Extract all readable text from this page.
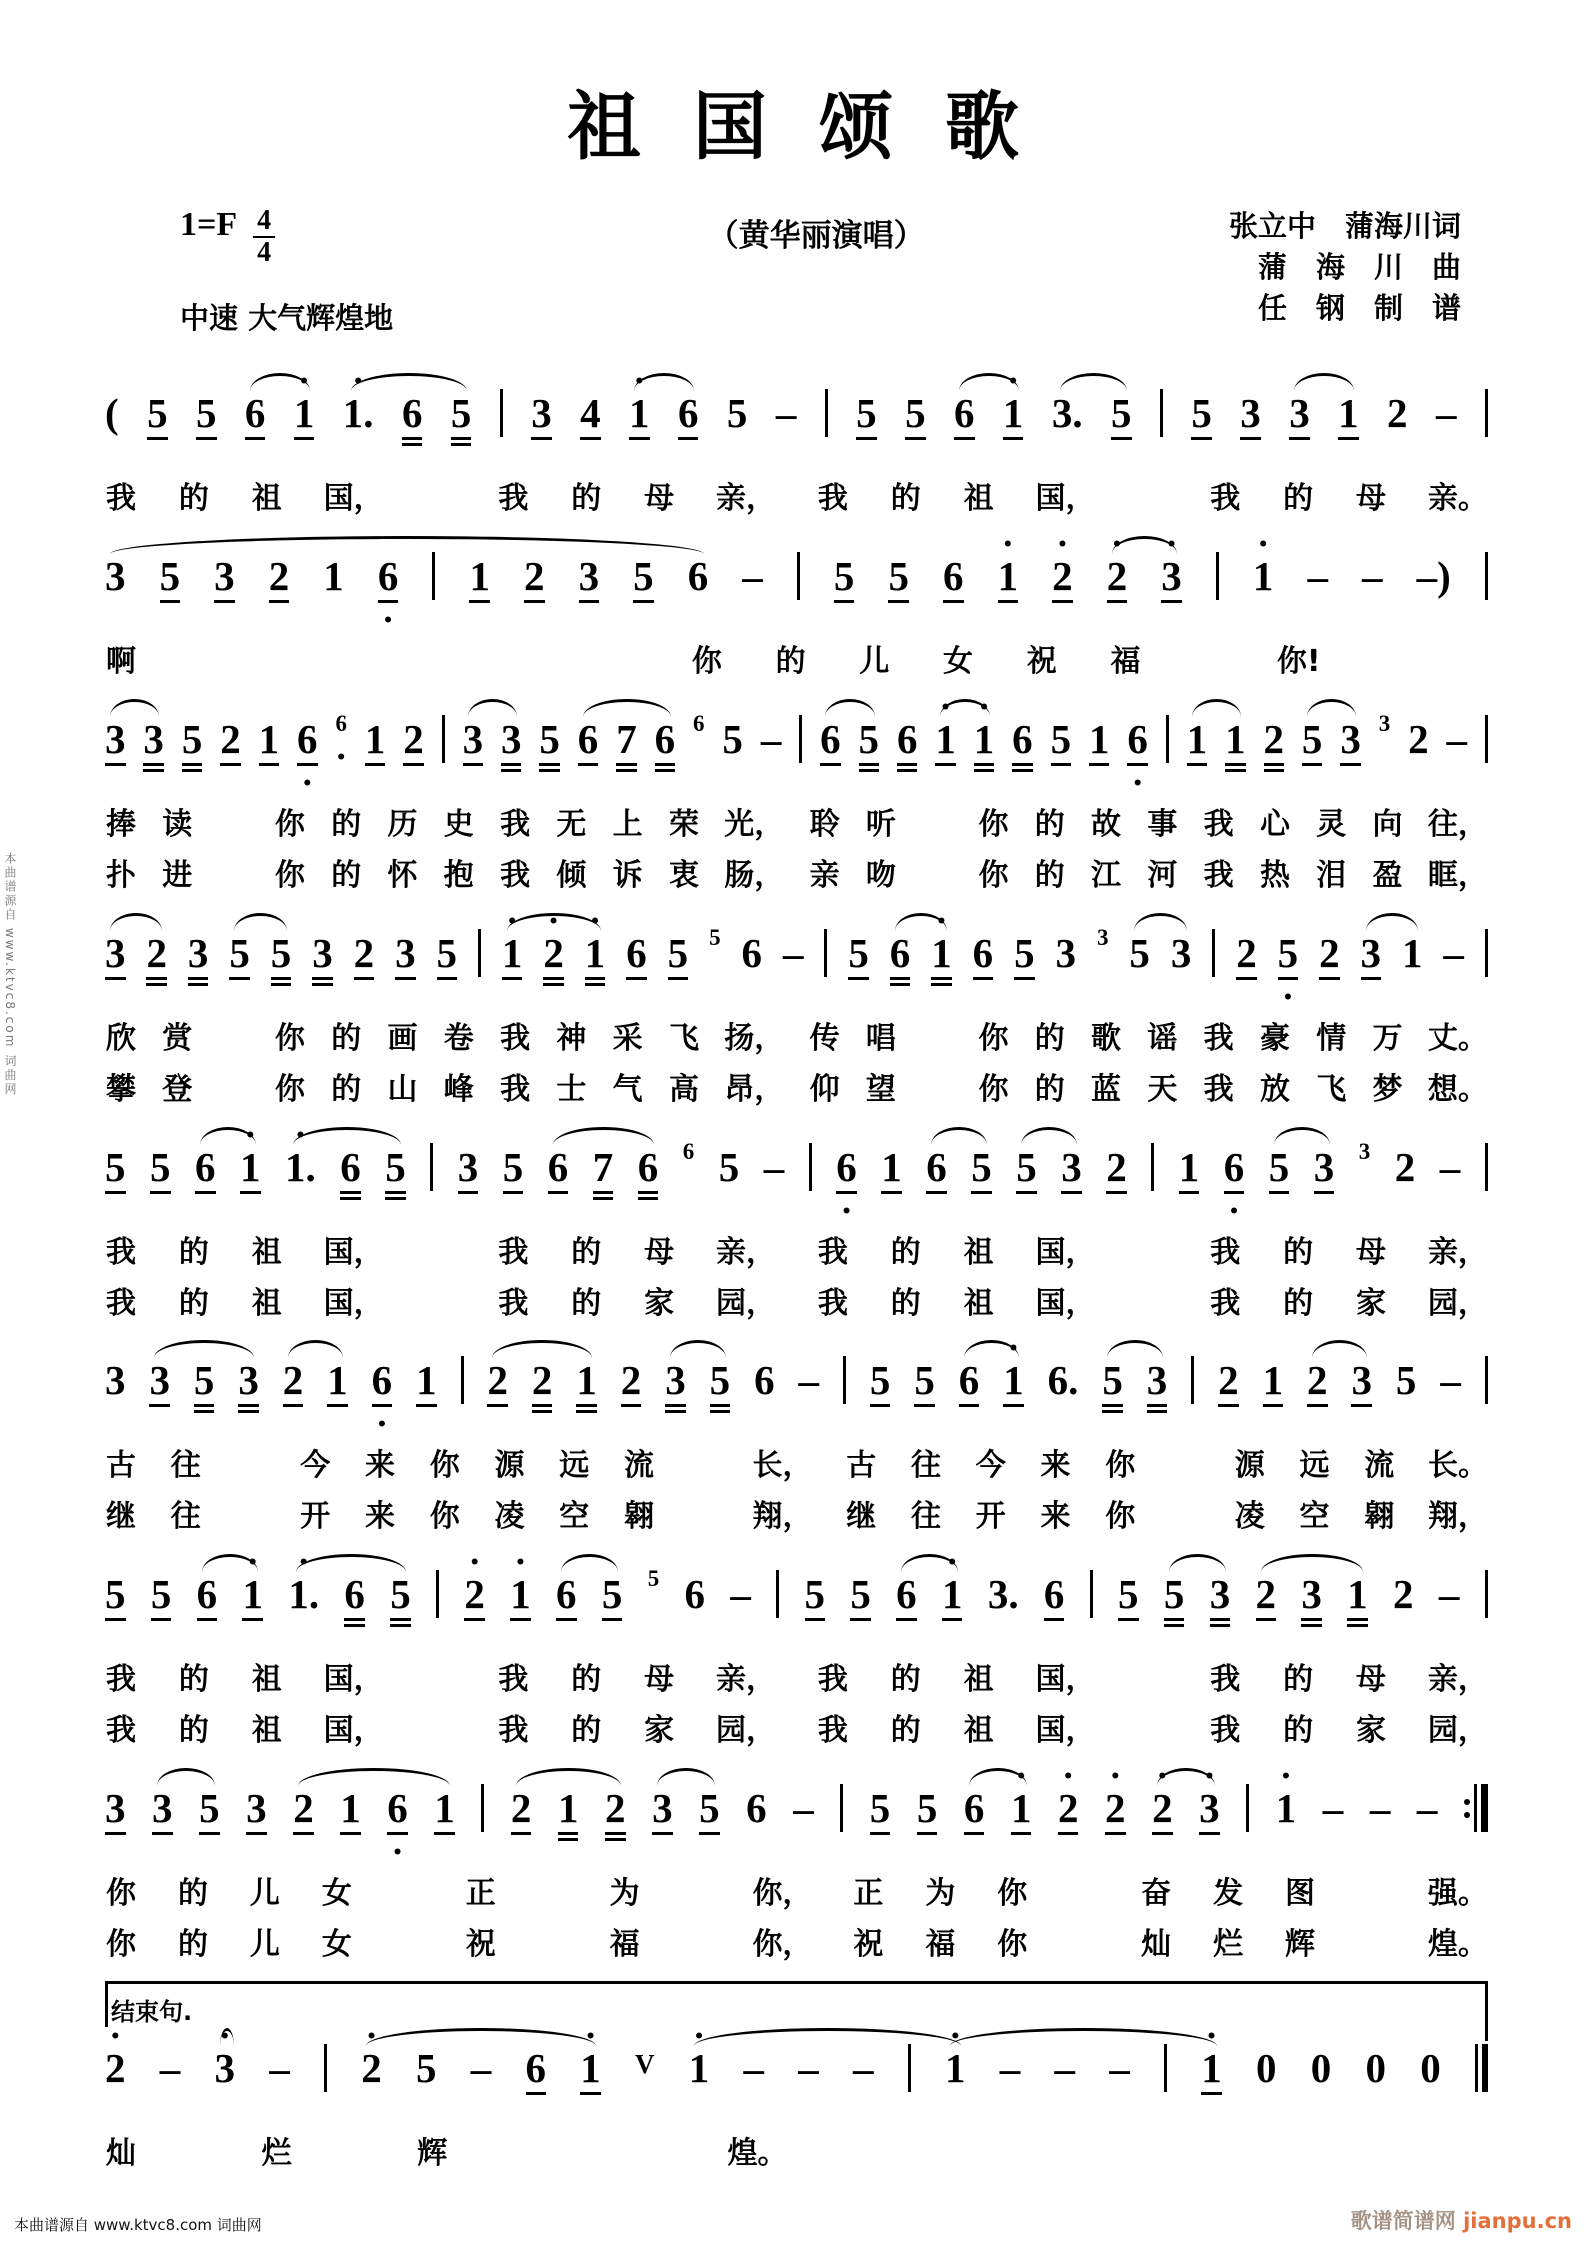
祖国颂歌
1=F 4
4
中速 大气辉煌地
（黄华丽演唱）	张立中　蒲海川词
蒲　海　川　曲
任　钢　制　谱

(

5

5

6

•
1

•
1.

6

5

3

4

•
1

6

5

–

5

5

6

•
1

3.

5

5

3

3

1

2

–

我 的 祖 国，
	我 的 母 亲， 我 的 祖 国，
	我 的 母 亲。

3

5

3

2

1

6
•

1

2

3

5

6

–

5

5

6

•
1

•
2

•
2

•
3

•
1

–

–

–)

啊

	你 的 儿 女 祝 福
	你!

3

3

5

2

1

6
•

6
•
1

2

3

3

5

6

7

6

6

5

–

6

5

6

•
1

•
1

6

5

1

6
•

1

1

2

5

3

3

2

–

捧 读
	你 的 历 史 我 无 上 荣 光， 聆 听
	你 的 故 事 我 心 灵 向 往，
扑 进
	你 的 怀 抱 我 倾 诉 衷 肠， 亲 吻
	你 的 江 河 我 热 泪 盈 眶，

3

2

3

5

5

3

2

3

5

•
1

•
2

•
1

6

5

5

6

–

5

6

•
1

6

5

3

3

5

3

2

5
•

2

3

1

–

欣 赏
	你 的 画 卷 我 神 采 飞 扬， 传 唱
	你 的 歌 谣 我 豪 情 万 丈。
攀 登
	你 的 山 峰 我 士 气 高 昂， 仰 望
	你 的 蓝 天 我 放 飞 梦 想。

5

5

6

•
1

•
1.

6

5

3

5

6

7

6

6

5

–

6
•

1

6

5

5

3

2

1

6
•

5

3

3

2

–

我 的 祖 国，
	我 的 母 亲， 我 的 祖 国，
	我 的 母 亲，
我 的 祖 国，
	我 的 家 园， 我 的 祖 国，
	我 的 家 园，

3

3

5

3

2

1

6
•

1

2

2

1

2

3

5

6

–

5

5

6

•
1

6.

5

3

2

1

2

3

5

–

古 往
	今 来 你 源 远 流
	长， 古 往 今 来 你
	源 远 流 长。
继 往
	开 来 你 凌 空 翱
	翔， 继 往 开 来 你
	凌 空 翱 翔，

5

5

6

•
1

•
1.

6

5

•
2

•
1

6

5

5

6

–

5

5

6

•
1

3.

6

5

5

3

2

3

1

2

–

我 的 祖 国，
	我 的 母 亲， 我 的 祖 国，
	我 的 母 亲，
我 的 祖 国，
	我 的 家 园， 我 的 祖 国，
	我 的 家 园，

3

3

5

3

2

1

6
•

1

2

1

2

3

5

6

–

5

5

6

•
1

•
2

•
2

•
2

•
3

•
1

–

–

–

你 的 儿 女
	正
	为
	你， 正 为 你
	奋 发 图
	强。
你 的 儿 女
	祝
	福
	你， 祝 福 你
	灿 烂 辉
	煌。
结束句.
•
2

–

•
3

–

•
2

5

–

6

•
1

V

•
1

–

–

–

•
1

–

–

–

•
1

0

0

0

0

灿
	烂
	辉

	煌。

本曲谱源自 www.ktvc8.com 词曲网
本曲谱源自 www.ktvc8.com 词曲网	歌谱简谱网 jianpu.cn
